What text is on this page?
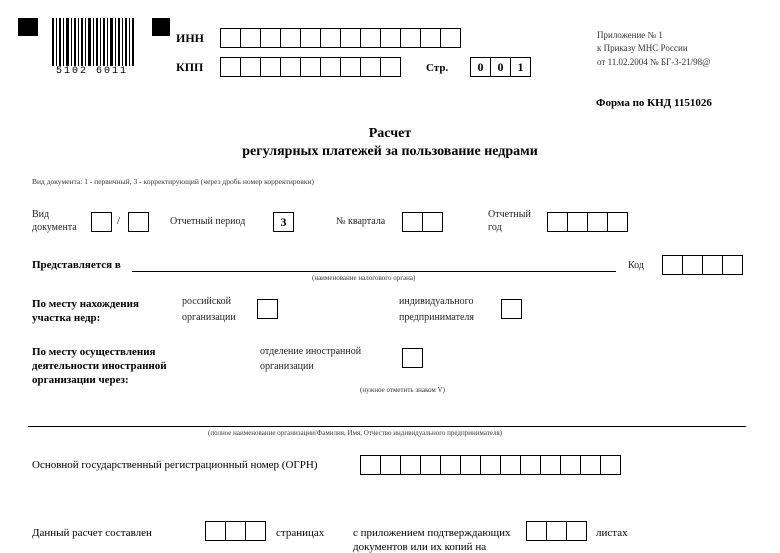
5102 6011
ИНН
КПП	Стр.	0	0	1
Приложение № 1
к Приказу МНС России
от 11.02.2004 № БГ-3-21/98@
Форма по КНД 1151026
Расчет
регулярных платежей за пользование недрами
Вид документа: 1 - первичный, 3 - корректирующий (через дробь номер корректировки)
Вид
документа
/	Отчетный период	3	№ квартала
Отчетный
год
Представляется в
(наименование налогового органа)
Код
По месту нахождения
участка недр:
российской
организации
индивидуального
предпринимателя
По месту осуществления
деятельности иностранной
организации через:
отделение иностранной
организации
(нужное отметить знаком V)
(полное наименование организации/Фамилия, Имя, Отчество индивидуального предпринимателя)
Основной государственный регистрационный номер (ОГРН)
Данный расчет составлен	страницах	с приложением подтверждающих
документов или их копий на
листах
